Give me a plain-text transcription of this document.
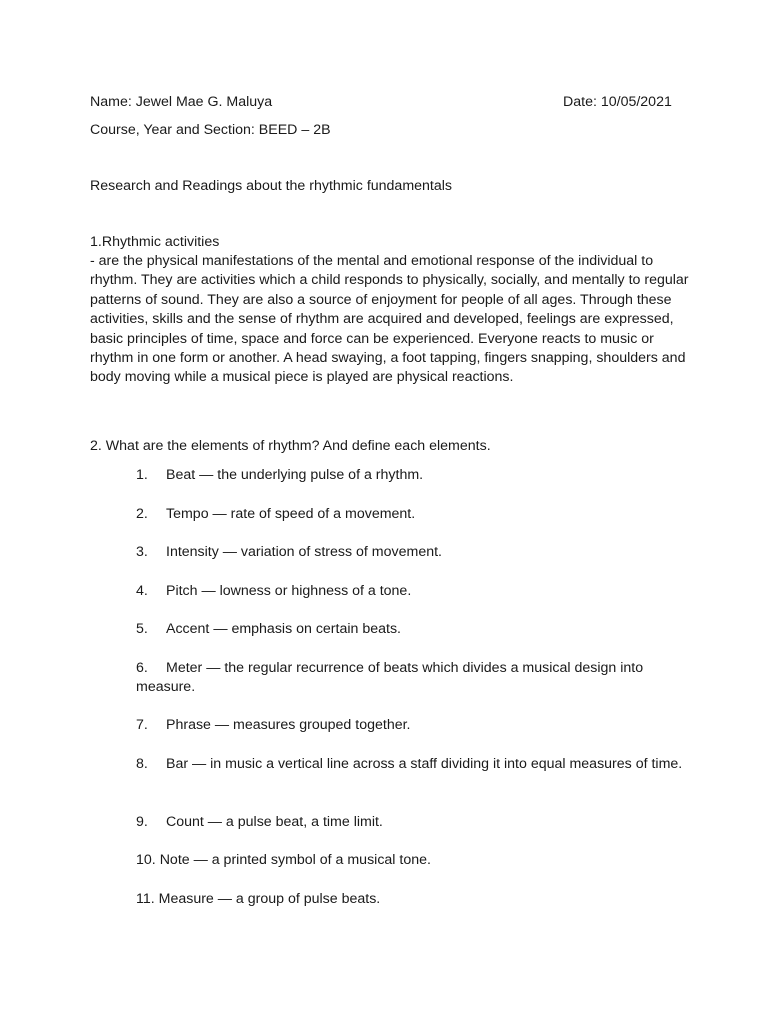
Name: Jewel Mae G. Maluya	Date: 10/05/2021
Course, Year and Section: BEED – 2B
Research and Readings about the rhythmic fundamentals
1.Rhythmic activities
- are the physical manifestations of the mental and emotional response of the individual to rhythm. They are activities which a child responds to physically, socially, and mentally to regular patterns of sound. They are also a source of enjoyment for people of all ages. Through these activities, skills and the sense of rhythm are acquired and developed, feelings are expressed, basic principles of time, space and force can be experienced. Everyone reacts to music or rhythm in one form or another. A head swaying, a foot tapping, fingers snapping, shoulders and body moving while a musical piece is played are physical reactions.
2. What are the elements of rhythm? And define each elements.
1. Beat — the underlying pulse of a rhythm.
2. Tempo — rate of speed of a movement.
3. Intensity — variation of stress of movement.
4. Pitch — lowness or highness of a tone.
5. Accent — emphasis on certain beats.
6. Meter — the regular recurrence of beats which divides a musical design into measure.
7. Phrase — measures grouped together.
8. Bar — in music a vertical line across a staff dividing it into equal measures of time.
9. Count — a pulse beat, a time limit.
10. Note — a printed symbol of a musical tone.
11. Measure — a group of pulse beats.
